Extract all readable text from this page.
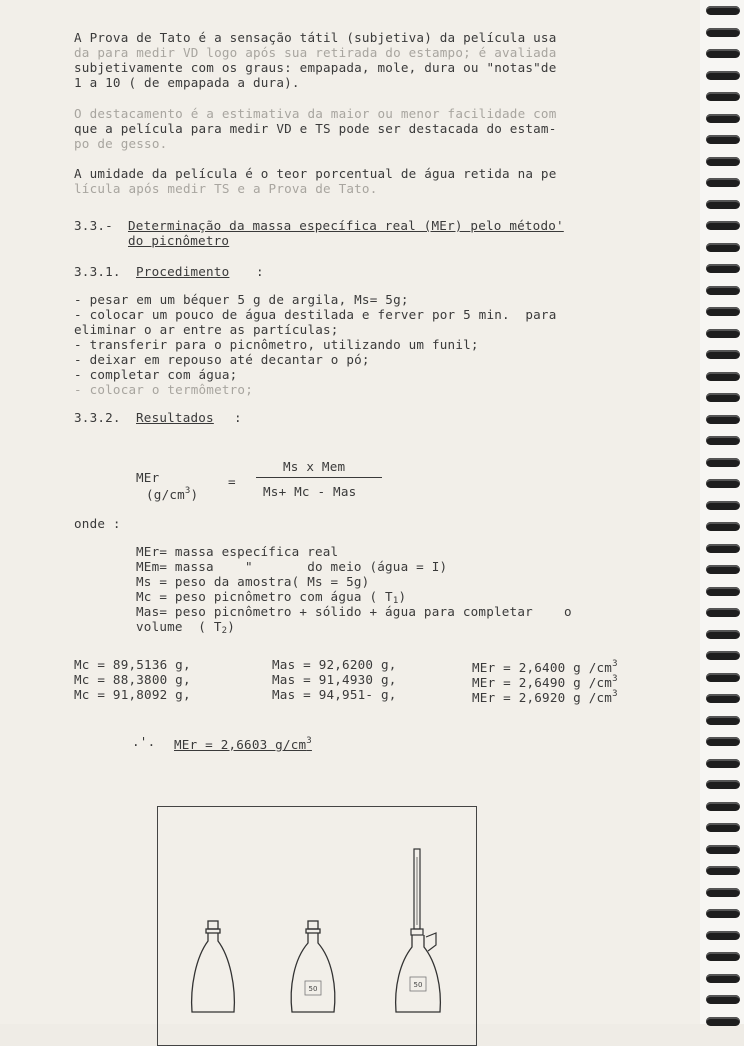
A Prova de Tato é a sensação tátil (subjetiva) da película usa
da para medir VD logo após sua retirada do estampo; é avaliada
subjetivamente com os graus: empapada, mole, dura ou "notas"de
1 a 10 ( de empapada a dura).
O destacamento é a estimativa da maior ou menor facilidade com
que a película para medir VD e TS pode ser destacada do estam-
po de gesso.
A umidade da película é o teor porcentual de água retida na pe
lícula após medir TS e a Prova de Tato.
3.3.- Determinação da massa específica real (MEr) pelo método'
do picnômetro
3.3.1. Procedimento :
- pesar em um béquer 5 g de argila, Ms= 5g;
- colocar um pouco de água destilada e ferver por 5 min.  para
eliminar o ar entre as partículas;
- transferir para o picnômetro, utilizando um funil;
- deixar em repouso até decantar o pó;
- completar com água;
- colocar o termômetro;
3.3.2. Resultados :
MEr
$(g/cm^3)$
=
Ms x Mem
Ms+ Mc - Mas
onde :
MEr= massa específica real
MEm= massa    "       do meio (água = I)
Ms = peso da amostra( Ms = 5g)
Mc = peso picnômetro com água ( $T_1$)
Mas= peso picnômetro + sólido + água para completar    o
volume  ( $T_2$)
Mc = 89,5136 g,	Mas = 92,6200 g,	MEr = 2,6400 g $/cm^3$
Mc = 88,3800 g,	Mas = 91,4930 g,	MEr = 2,6490 g $/cm^3$
Mc = 91,8092 g,	Mas = 94,951- g,	MEr = 2,6920 g $/cm^3$
.'. MEr = 2,6603 $g/cm^3$
50	50
